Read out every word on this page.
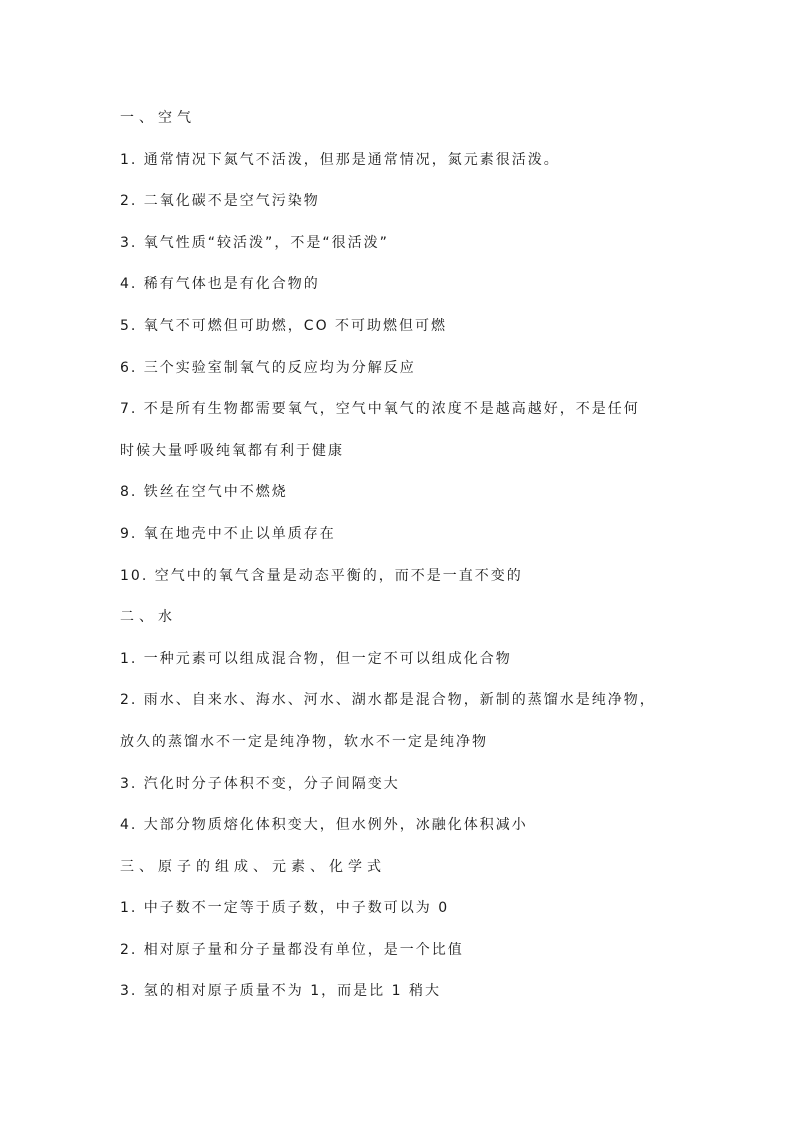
一、空气
1. 通常情况下氮气不活泼，但那是通常情况，氮元素很活泼。
2. 二氧化碳不是空气污染物
3. 氧气性质“较活泼”，不是“很活泼”
4. 稀有气体也是有化合物的
5. 氧气不可燃但可助燃，CO 不可助燃但可燃
6. 三个实验室制氧气的反应均为分解反应
7. 不是所有生物都需要氧气，空气中氧气的浓度不是越高越好，不是任何
时候大量呼吸纯氧都有利于健康
8. 铁丝在空气中不燃烧
9. 氧在地壳中不止以单质存在
10. 空气中的氧气含量是动态平衡的，而不是一直不变的
二、水
1. 一种元素可以组成混合物，但一定不可以组成化合物
2. 雨水、自来水、海水、河水、湖水都是混合物，新制的蒸馏水是纯净物，
放久的蒸馏水不一定是纯净物，软水不一定是纯净物
3. 汽化时分子体积不变，分子间隔变大
4. 大部分物质熔化体积变大，但水例外，冰融化体积减小
三、原子的组成、元素、化学式
1. 中子数不一定等于质子数，中子数可以为 0
2. 相对原子量和分子量都没有单位，是一个比值
3. 氢的相对原子质量不为 1，而是比 1 稍大
